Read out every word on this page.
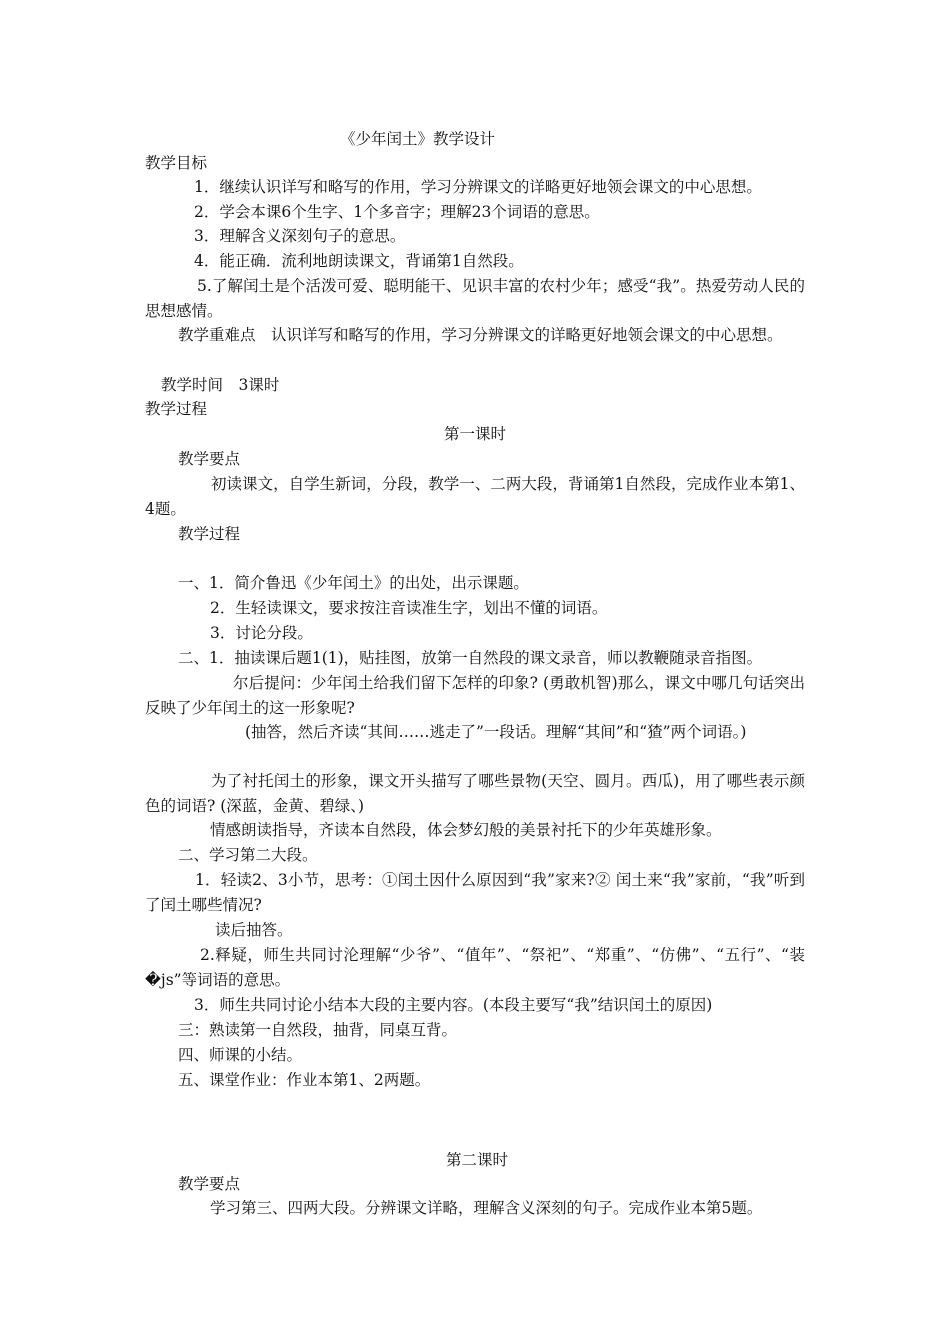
《少年闰土》教学设计
教学目标
1．继续认识详写和略写的作用，学习分辨课文的详略更好地领会课文的中心思想。
2．学会本课6个生字、1个多音字；理解23个词语的意思。
3．理解含义深刻句子的意思。
4．能正确．流利地朗读课文，背诵第1自然段。
5.了解闰土是个活泼可爱、聪明能干、见识丰富的农村少年；感受“我”。热爱劳动人民的思想感情。
教学重难点　认识详写和略写的作用，学习分辨课文的详略更好地领会课文的中心思想。
教学时间　3课时
教学过程
第一课时
教学要点
初读课文，自学生新词，分段，教学一、二两大段，背诵第1自然段，完成作业本第1、4题。
教学过程
一、1．简介鲁迅《少年闰土》的出处，出示课题。
2．生轻读课文，要求按注音读准生字，划出不懂的词语。
3．讨论分段。
二、1．抽读课后题1(1)，贴挂图，放第一自然段的课文录音，师以教鞭随录音指图。
尔后提问：少年闰土给我们留下怎样的印象? (勇敢机智)那么，课文中哪几句话突出反映了少年闰土的这一形象呢?
(抽答，然后齐读“其间……逃走了”一段话。理解“其间”和“猹”两个词语。)
为了衬托闰土的形象，课文开头描写了哪些景物(天空、圆月。西瓜)，用了哪些表示颜色的词语? (深蓝，金黄、碧绿、)
情感朗读指导，齐读本自然段，体会梦幻般的美景衬托下的少年英雄形象。
二、学习第二大段。
1．轻读2、3小节，思考：①闰土因什么原因到“我”家来?② 闰土来“我”家前，“我”听到了闰土哪些情况?
读后抽答。
2.释疑，师生共同讨沦理解“少爷”、“值年”、“祭祀”、“郑重”、“仿佛”、“五行”、“装�js”等词语的意思。
3．师生共同讨论小结本大段的主要内容。(本段主要写“我”结识闰土的原因)
三：熟读第一自然段，抽背，同桌互背。
四、师课的小结。
五、课堂作业：作业本第1、2两题。
第二课时
教学要点
学习第三、四两大段。分辨课文详略，理解含义深刻的句子。完成作业本第5题。
